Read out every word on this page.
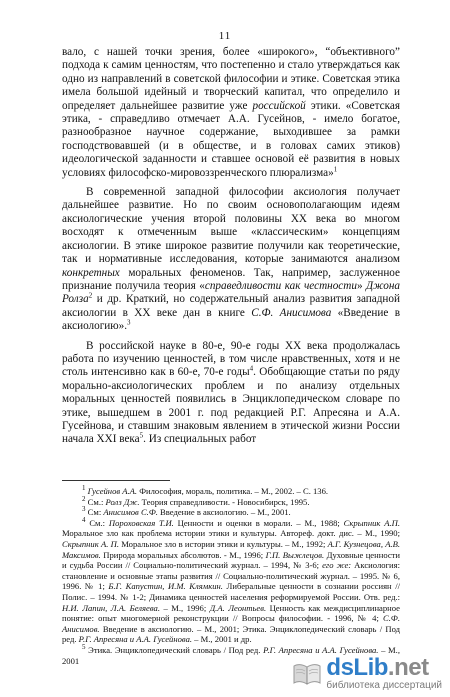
11

вало, с нашей точки зрения, более «широкого», “объективного” подхода к самим ценностям, что постепенно и стало утверждаться как одно из направлений в советской философии и этике. Советская этика имела большой идейный и творческий капитал, что определило и определяет дальнейшее развитие уже российской этики. «Советская этика, - справедливо отмечает А.А. Гусейнов, - имело богатое, разнообразное научное содержание, выходившее за рамки господствовавшей (и в обществе, и в головах самих этиков) идеологической заданности и ставшее основой её развития в новых условиях философско-мировоззренческого плюрализма»$^1$

В современной западной философии аксиология получает дальнейшее развитие. Но по своим основополагающим идеям аксиологические учения второй половины XX века во многом восходят к отмеченным выше «классическим» концепциям аксиологии. В этике широкое развитие получили как теоретические, так и нормативные исследования, которые занимаются анализом конкретных моральных феноменов. Так, например, заслуженное признание получила теория «справедливости как честности» Джона Ролза$^2$ и др. Краткий, но содержательный анализ развития западной аксиологии в XX веке дан в книге С.Ф. Анисимова «Введение в аксиологию».$^3$

В российской науке в 80-е, 90-е годы XX века продолжалась работа по изучению ценностей, в том числе нравственных, хотя и не столь интенсивно как в 60-е, 70-е годы$^4$. Обобщающие статьи по ряду морально-аксиологических проблем и по анализу отдельных моральных ценностей появились в Энциклопедическом словаре по этике, вышедшем в 2001 г. под редакцией Р.Г. Апресяна и А.А. Гусейнова, и ставшим знаковым явлением в этической жизни России начала XXI века$^5$. Из специальных работ

$^1$ Гусейнов А.А. Философия, мораль, политика. – М., 2002. – С. 136.

$^2$ См.: Ролз Дж. Теория справедливости. - Новосибирск, 1995.

$^3$ См: Анисимов С.Ф. Введение в аксиологию. – М., 2001.

$^4$ См.: Пороховская Т.И. Ценности и оценки в морали. – М., 1988; Скрыпник А.П. Моральное зло как проблема истории этики и культуры. Автореф. докт. дис. – М., 1990; Скрыпник А. П. Моральное зло в истории этики и культуры. – М., 1992; А.Г. Кузнецова, А.В. Максимов. Природа моральных абсолютов. - М., 1996; Г.П. Выжлецов. Духовные ценности и судьба России // Социально-политический журнал. – 1994, № 3-6; его же: Аксиология: становление и основные этапы развития // Социально-политический журнал. – 1995. № 6, 1996. № 1; Б.Г. Капустин, И.М. Клямкин. Либеральные ценности в сознании россиян // Полис. – 1994. № 1-2; Динамика ценностей населения реформируемой России. Отв. ред.: Н.И. Лапин, Л.А. Беляева. – М., 1996; Д.А. Леонтьев. Ценность как междисциплинарное понятие: опыт многомерной реконструкции // Вопросы философии. - 1996, № 4; С.Ф. Анисимов. Введение в аксиологию. – М., 2001; Этика. Энциклопедический словарь / Под ред. Р.Г. Апресяна и А.А. Гусейнова. – М., 2001 и др.

$^5$ Этика. Энциклопедический словарь / Под ред. Р.Г. Апресяна и А.А. Гусейнова. – М., 2001	dsLib.net
библиотека диссертаций
